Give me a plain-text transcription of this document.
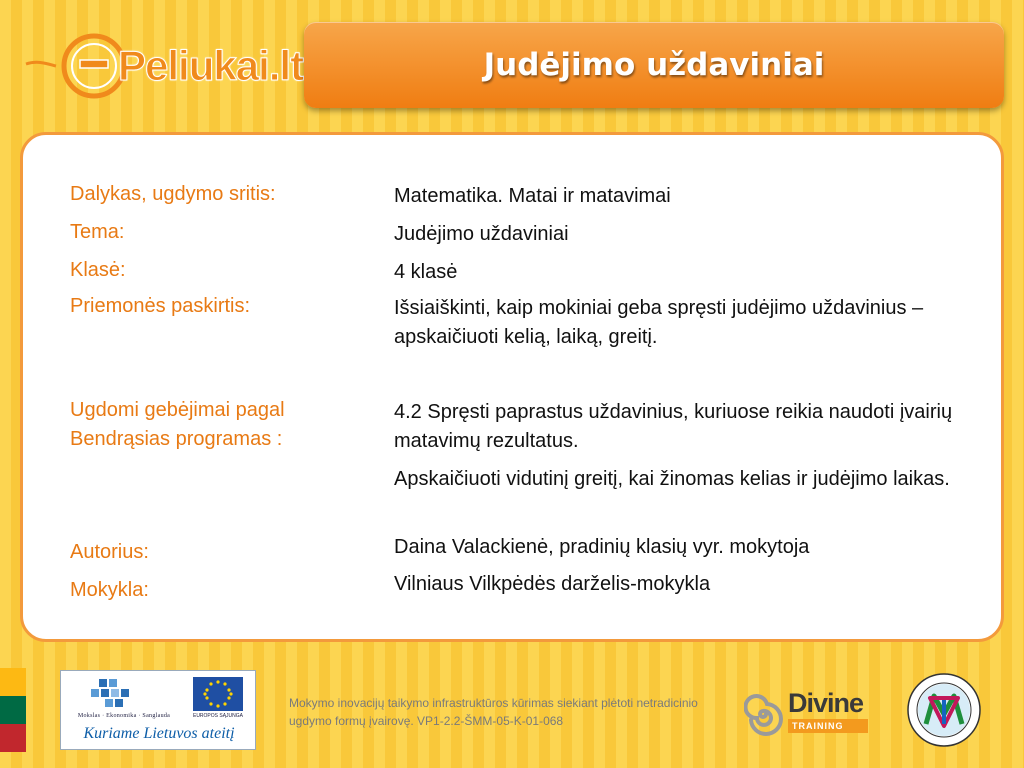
Peliukai.lt	Judėjimo uždaviniai
Dalykas, ugdymo sritis:	Matematika. Matai ir matavimai
Tema:	Judėjimo uždaviniai
Klasė:	4 klasė
Priemonės paskirtis:	Išsiaiškinti, kaip mokiniai geba spręsti judėjimo uždavinius – apskaičiuoti kelią, laiką, greitį.
Ugdomi gebėjimai pagal Bendrąsias programas :
4.2 Spręsti paprastus uždavinius, kuriuose reikia naudoti įvairių matavimų rezultatus.
Apskaičiuoti vidutinį greitį, kai žinomas kelias ir judėjimo laikas.
Autorius:	Daina Valackienė, pradinių klasių vyr. mokytoja
Mokykla:	Vilniaus Vilkpėdės darželis-mokykla
Mokslas · Ekonomika · Sanglauda	EUROPOS SĄJUNGA
Kuriame Lietuvos ateitį
Mokymo inovacijų taikymo infrastruktūros kūrimas siekiant plėtoti netradicinio ugdymo formų įvairovę. VP1-2.2-ŠMM-05-K-01-068
Divine
TRAINING
